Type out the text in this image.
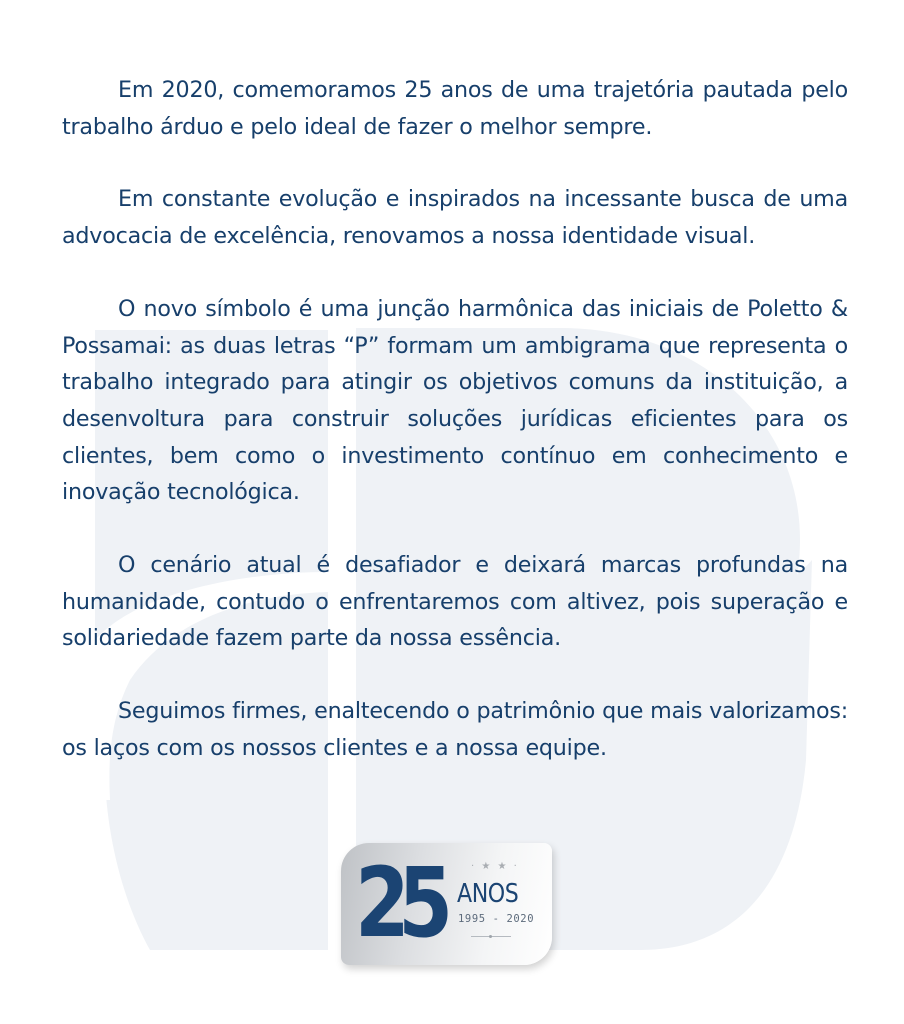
Em 2020, comemoramos 25 anos de uma trajetória pautada pelo trabalho árduo e pelo ideal de fazer o melhor sempre.

Em constante evolução e inspirados na incessante busca de uma advocacia de excelência, renovamos a nossa identidade visual.

O novo símbolo é uma junção harmônica das iniciais de Poletto & Possamai: as duas letras “P” formam um ambigrama que representa o trabalho integrado para atingir os objetivos comuns da instituição, a desenvoltura para construir soluções jurídicas eficientes para os clientes, bem como o investimento contínuo em conhecimento e inovação tecnológica.

O cenário atual é desafiador e deixará marcas profundas na humanidade, contudo o enfrentaremos com altivez, pois superação e solidariedade fazem parte da nossa essência.

Seguimos firmes, enaltecendo o patrimônio que mais valorizamos: os laços com os nossos clientes e a nossa equipe.

25	· ★ ★ ·
ANOS
1995 - 2020
